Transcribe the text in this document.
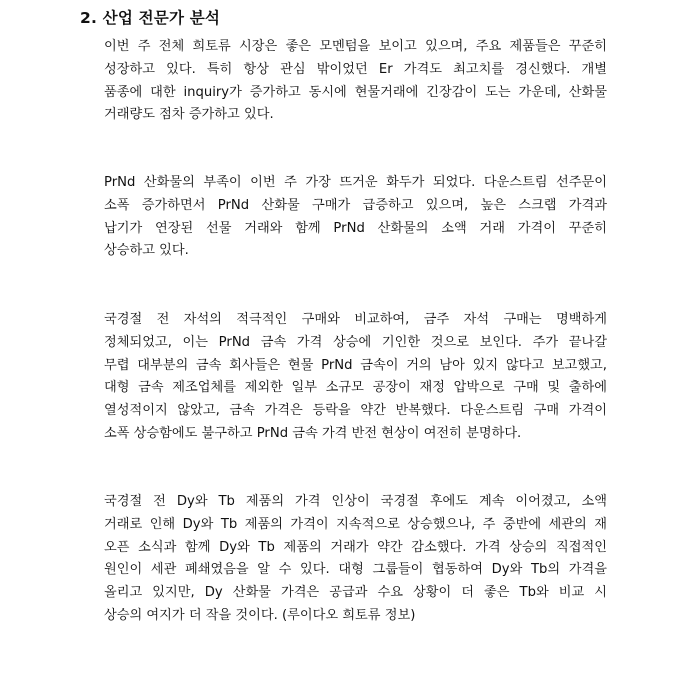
2. 산업 전문가 분석
이번 주 전체 희토류 시장은 좋은 모멘텀을 보이고 있으며, 주요 제품들은 꾸준히
성장하고 있다. 특히 항상 관심 밖이었던 Er 가격도 최고치를 경신했다. 개별
품종에 대한 inquiry가 증가하고 동시에 현물거래에 긴장감이 도는 가운데, 산화물
거래량도 점차 증가하고 있다.
PrNd 산화물의 부족이 이번 주 가장 뜨거운 화두가 되었다. 다운스트림 선주문이
소폭 증가하면서 PrNd 산화물 구매가 급증하고 있으며, 높은 스크랩 가격과
납기가 연장된 선물 거래와 함께 PrNd 산화물의 소액 거래 가격이 꾸준히
상승하고 있다.
국경절 전 자석의 적극적인 구매와 비교하여, 금주 자석 구매는 명백하게
정체되었고, 이는 PrNd 금속 가격 상승에 기인한 것으로 보인다. 주가 끝나갈
무렵 대부분의 금속 회사들은 현물 PrNd 금속이 거의 남아 있지 않다고 보고했고,
대형 금속 제조업체를 제외한 일부 소규모 공장이 재정 압박으로 구매 및 출하에
열성적이지 않았고, 금속 가격은 등락을 약간 반복했다. 다운스트림 구매 가격이
소폭 상승함에도 불구하고 PrNd 금속 가격 반전 현상이 여전히 분명하다.
국경절 전 Dy와 Tb 제품의 가격 인상이 국경절 후에도 계속 이어졌고, 소액
거래로 인해 Dy와 Tb 제품의 가격이 지속적으로 상승했으나, 주 중반에 세관의 재
오픈 소식과 함께 Dy와 Tb 제품의 거래가 약간 감소했다. 가격 상승의 직접적인
원인이 세관 폐쇄였음을 알 수 있다. 대형 그룹들이 협동하여 Dy와 Tb의 가격을
올리고 있지만, Dy 산화물 가격은 공급과 수요 상황이 더 좋은 Tb와 비교 시
상승의 여지가 더 작을 것이다. (루이다오 희토류 정보)
